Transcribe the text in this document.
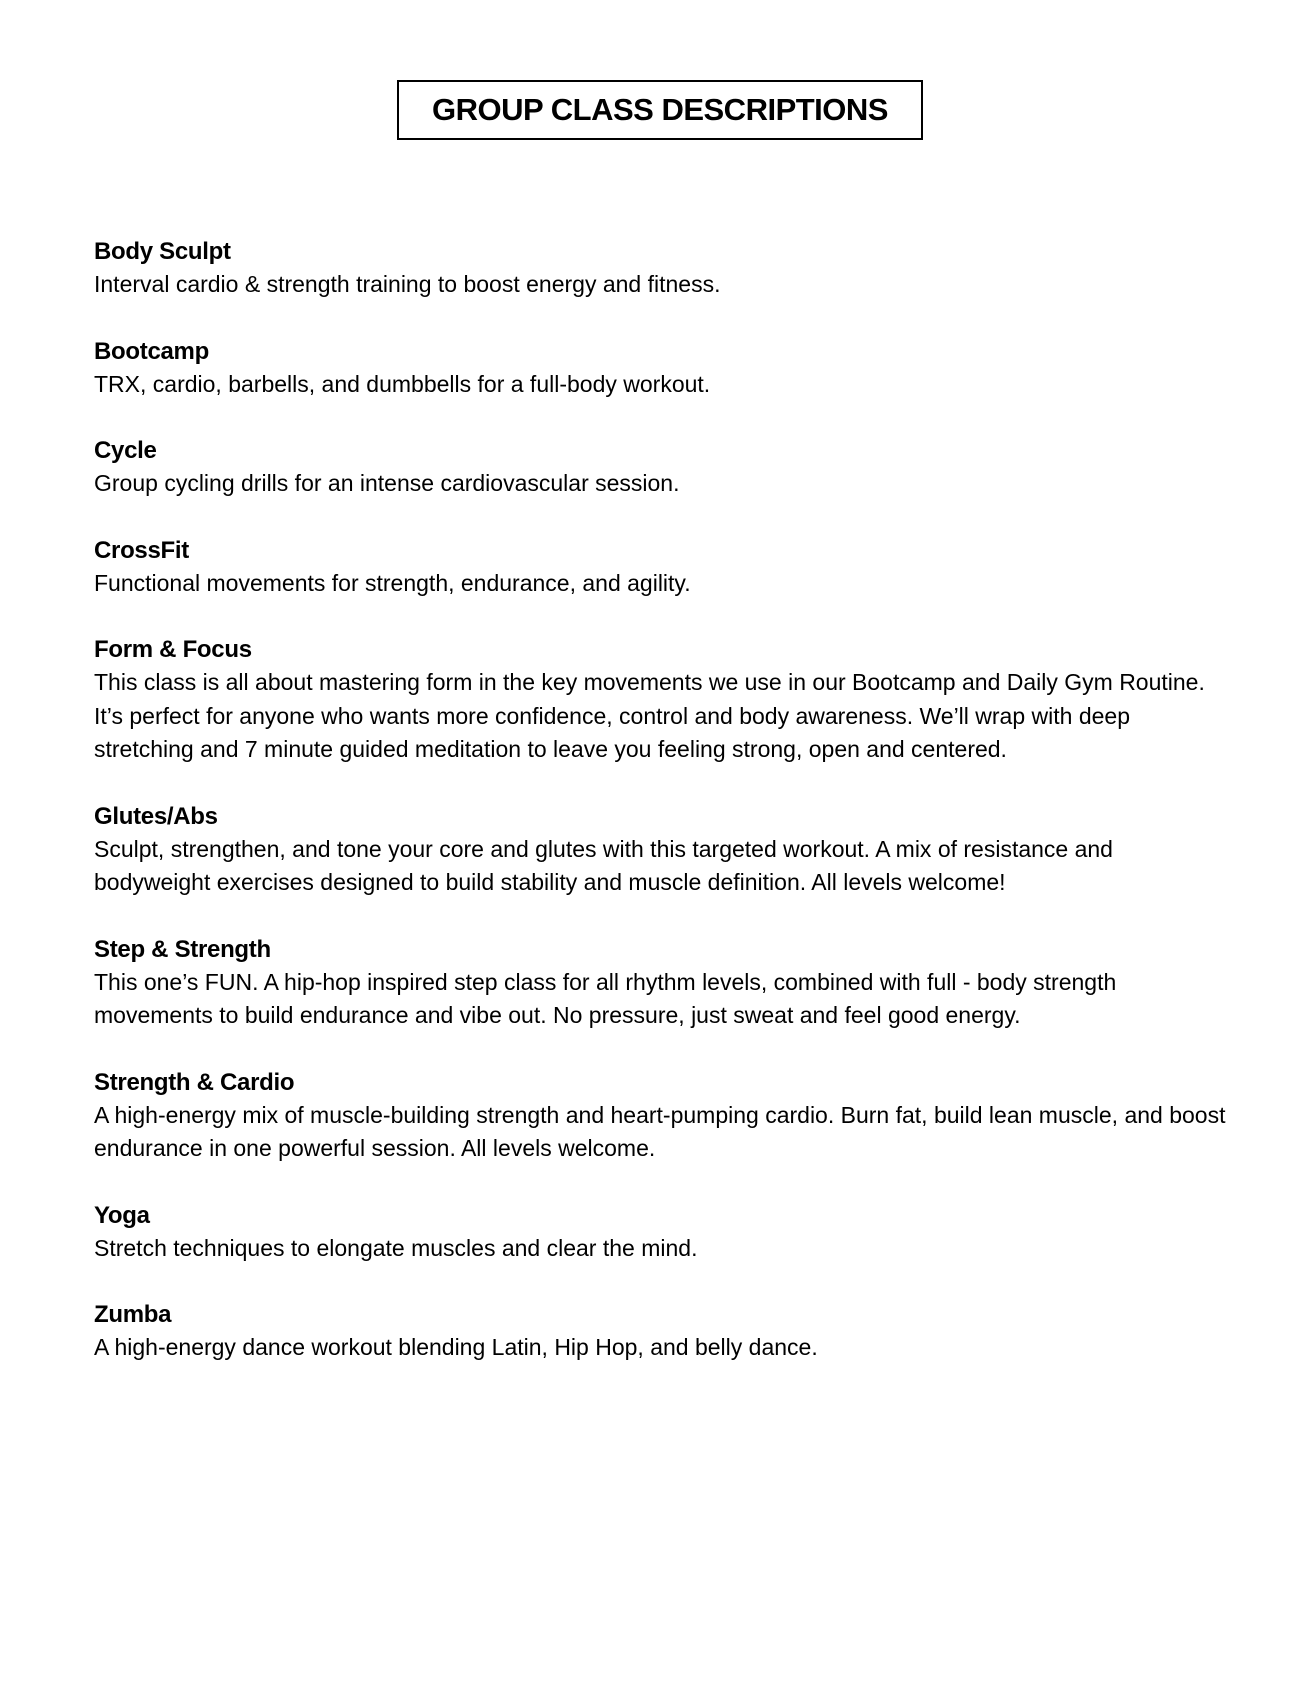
GROUP CLASS DESCRIPTIONS
Body Sculpt
Interval cardio & strength training to boost energy and fitness.
Bootcamp
TRX, cardio, barbells, and dumbbells for a full-body workout.
Cycle
Group cycling drills for an intense cardiovascular session.
CrossFit
Functional movements for strength, endurance, and agility.
Form & Focus
This class is all about mastering form in the key movements we use in our Bootcamp and Daily Gym Routine. It’s perfect for anyone who wants more confidence, control and body awareness. We’ll wrap with deep stretching and 7 minute guided meditation to leave you feeling strong, open and centered.
Glutes/Abs
Sculpt, strengthen, and tone your core and glutes with this targeted workout. A mix of resistance and bodyweight exercises designed to build stability and muscle definition. All levels welcome!
Step & Strength
This one’s FUN. A hip-hop inspired step class for all rhythm levels, combined with full - body strength movements to build endurance and vibe out. No pressure, just sweat and feel good energy.
Strength & Cardio
A high-energy mix of muscle-building strength and heart-pumping cardio. Burn fat, build lean muscle, and boost endurance in one powerful session. All levels welcome.
Yoga
Stretch techniques to elongate muscles and clear the mind.
Zumba
A high-energy dance workout blending Latin, Hip Hop, and belly dance.
